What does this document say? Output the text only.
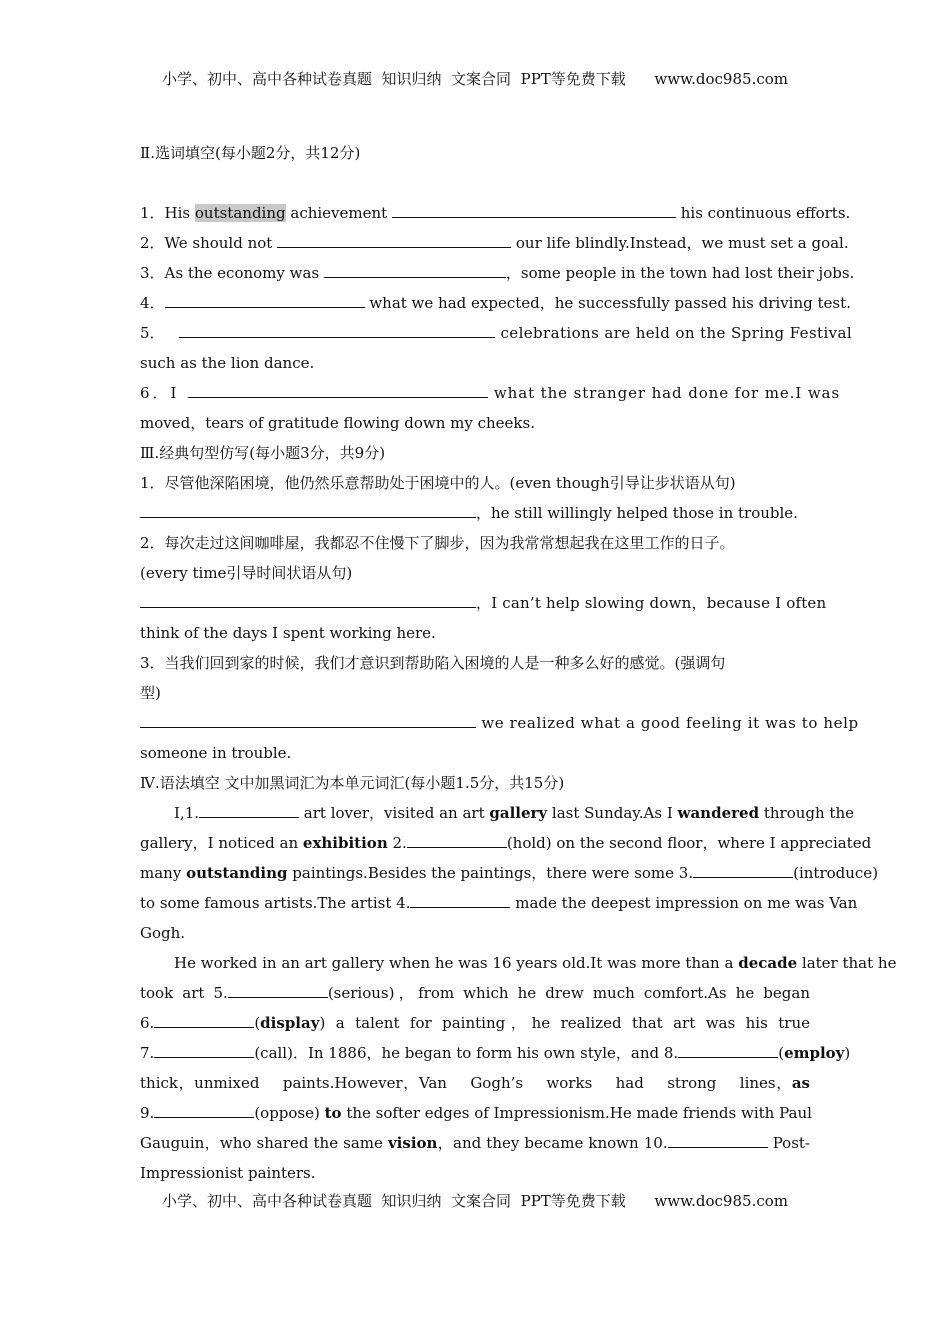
小学、初中、高中各种试卷真题  知识归纳  文案合同  PPT等免费下载      www.doc985.com
Ⅱ.选词填空(每小题2分，共12分)
1．His outstanding achievement	his continuous efforts.
2．We should not	our life blindly.Instead，we must set a goal.
3．As the economy was	，some people in the town had lost their jobs.
4．	what we had expected，he successfully passed his driving test.
5．	celebrations are held on the Spring Festival
such as the lion dance.
6．I	what the stranger had done for me.I was
moved，tears of gratitude flowing down my cheeks.
Ⅲ.经典句型仿写(每小题3分，共9分)
1．尽管他深陷困境，他仍然乐意帮助处于困境中的人。(even though引导让步状语从句)
，he still willingly helped those in trouble.
2．每次走过这间咖啡屋，我都忍不住慢下了脚步，因为我常常想起我在这里工作的日子。
(every time引导时间状语从句)
，I can’t help slowing down，because I often
think of the days I spent working here.
3．当我们回到家的时候，我们才意识到帮助陷入困境的人是一种多么好的感觉。(强调句
型)
we realized what a good feeling it was to help
someone in trouble.
Ⅳ.语法填空 文中加黑词汇为本单元词汇(每小题1.5分，共15分)
I,1.	art lover，visited an art gallery last Sunday.As I wandered through the
gallery，I noticed an exhibition 2.	(hold) on the second floor，where I appreciated
many outstanding paintings.Besides the paintings，there were some 3.	(introduce)
to some famous artists.The artist 4.	made the deepest impression on me was Van
Gogh.
He worked in an art gallery when he was 16 years old.It was more than a decade later that he
took art 5.	(serious)，from which he drew much comfort.As he began
6.	(display) a talent for painting，he realized that art was his true
7.	(call)．In 1886，he began to form his own style，and 8.	(employ)
thick，unmixed paints.However，Van Gogh’s works had strong lines，as
9.	(oppose) to the softer edges of Impressionism.He made friends with Paul
Gauguin，who shared the same vision，and they became known 10.	Post-
Impressionist painters.
小学、初中、高中各种试卷真题  知识归纳  文案合同  PPT等免费下载      www.doc985.com
